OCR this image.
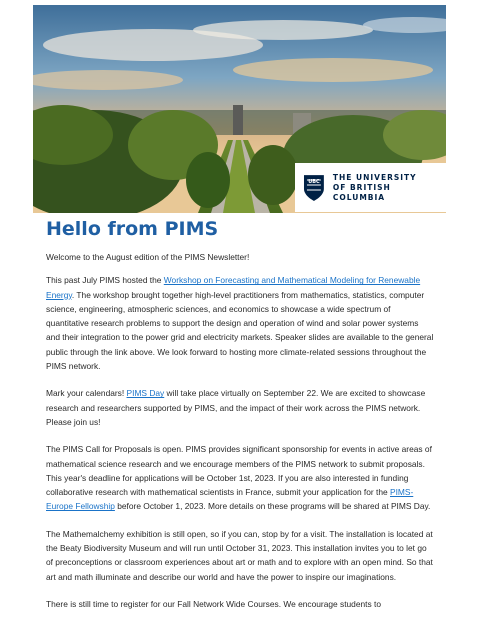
UBC
THE UNIVERSITY
OF BRITISH COLUMBIA
Hello from PIMS

Welcome to the August edition of the PIMS Newsletter!

This past July PIMS hosted the Workshop on Forecasting and Mathematical Modeling for Renewable Energy. The workshop brought together high-level practitioners from mathematics, statistics, computer science, engineering, atmospheric sciences, and economics to showcase a wide spectrum of quantitative research problems to support the design and operation of wind and solar power systems and their integration to the power grid and electricity markets. Speaker slides are available to the general public through the link above. We look forward to hosting more climate-related sessions throughout the PIMS network.

Mark your calendars! PIMS Day will take place virtually on September 22. We are excited to showcase research and researchers supported by PIMS, and the impact of their work across the PIMS network. Please join us!

The PIMS Call for Proposals is open. PIMS provides significant sponsorship for events in active areas of mathematical science research and we encourage members of the PIMS network to submit proposals. This year's deadline for applications will be October 1st, 2023. If you are also interested in funding collaborative research with mathematical scientists in France, submit your application for the PIMS-Europe Fellowship before October 1, 2023. More details on these programs will be shared at PIMS Day.

The Mathemalchemy exhibition is still open, so if you can, stop by for a visit. The installation is located at the Beaty Biodiversity Museum and will run until October 31, 2023. This installation invites you to let go of preconceptions or classroom experiences about art or math and to explore with an open mind. So that art and math illuminate and describe our world and have the power to inspire our imaginations.

There is still time to register for our Fall Network Wide Courses. We encourage students to
